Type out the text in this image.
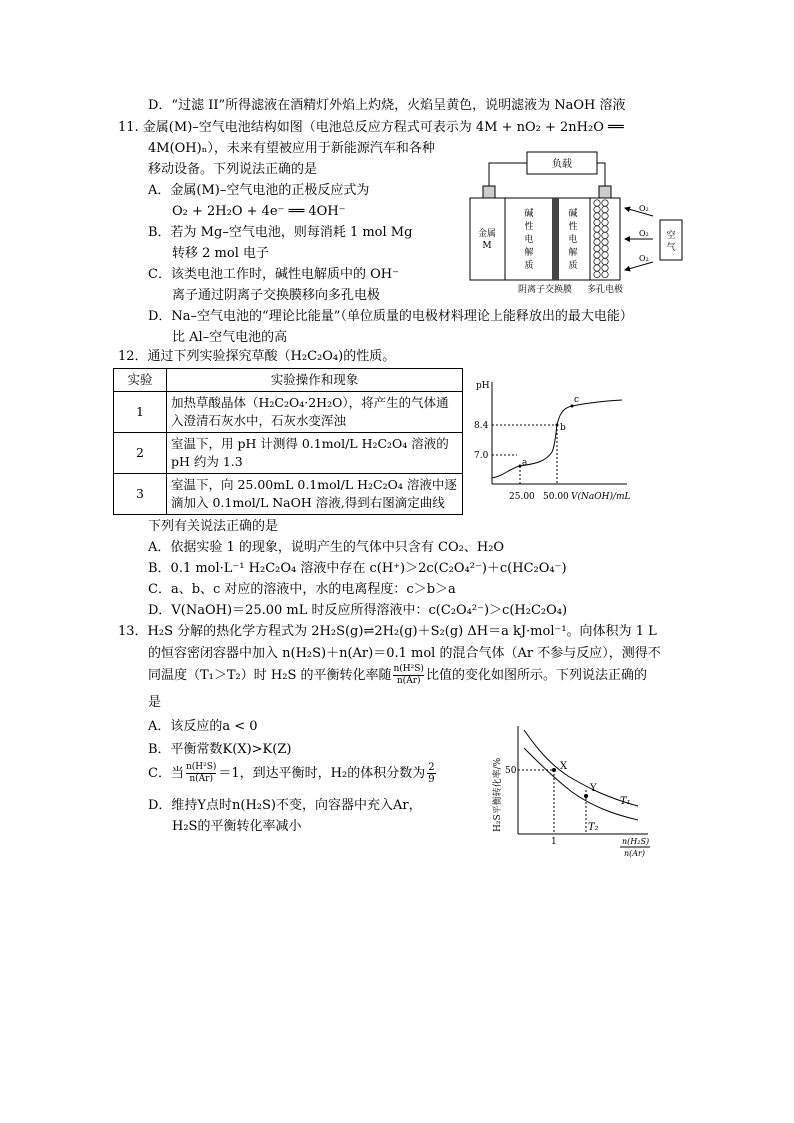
D．“过滤 II”所得滤液在酒精灯外焰上灼烧，火焰呈黄色，说明滤液为 NaOH 溶液
11. 金属(M)–空气电池结构如图（电池总反应方程式可表示为 4M + nO₂ + 2nH₂O ══
4M(OH)ₙ），未来有望被应用于新能源汽车和各种
移动设备。下列说法正确的是
A．金属(M)–空气电池的正极反应式为
O₂ + 2H₂O + 4e⁻ ══ 4OH⁻
B．若为 Mg–空气电池，则每消耗 1 mol Mg
转移 2 mol 电子
C．该类电池工作时，碱性电解质中的 OH⁻
离子通过阴离子交换膜移向多孔电极
D．Na–空气电池的“理论比能量”（单位质量的电极材料理论上能释放出的最大电能）
比 Al–空气电池的高
负载
金属
M
碱
性
电
解
质
碱
性
电
解
质
空
气
O₂
O₂
O₂
阴离子交换膜 多孔电极
12．通过下列实验探究草酸（H₂C₂O₄)的性质。
实验	实验操作和现象
1	加热草酸晶体（H₂C₂O₄·2H₂O），将产生的气体通入澄清石灰水中，石灰水变浑浊
2	室温下，用 pH 计测得 0.1mol/L H₂C₂O₄ 溶液的 pH 约为 1.3
3	室温下，向 25.00mL 0.1mol/L H₂C₂O₄ 溶液中逐滴加入 0.1mol/L NaOH 溶液,得到右图滴定曲线
pH
8.4
7.0
a
b
c
25.00 50.00 V(NaOH)/mL
下列有关说法正确的是
A．依据实验 1 的现象，说明产生的气体中只含有 CO₂、H₂O
B．0.1 mol·L⁻¹ H₂C₂O₄ 溶液中存在 c(H⁺)＞2c(C₂O₄²⁻)＋c(HC₂O₄⁻)
C．a、b、c 对应的溶液中，水的电离程度：c＞b＞a
D．V(NaOH)＝25.00 mL 时反应所得溶液中：c(C₂O₄²⁻)＞c(H₂C₂O₄)
13．H₂S 分解的热化学方程式为 2H₂S(g)⇌2H₂(g)＋S₂(g) ΔH＝a kJ·mol⁻¹。向体积为 1 L
的恒容密闭容器中加入 n(H₂S)＋n(Ar)＝0.1 mol 的混合气体（Ar 不参与反应），测得不
同温度（T₁＞T₂）时 H₂S 的平衡转化率随 n(H²S)
n(Ar) 比值的变化如图所示。下列说法正确的
是
A．该反应的a < 0
B．平衡常数K(X)>K(Z)
C．当 n(H²S)
n(Ar) ＝1，到达平衡时，H₂的体积分数为 2
9
D．维持Y点时n(H₂S)不变，向容器中充入Ar，
H₂S的平衡转化率减小	H₂S平衡转化率/% 50	X
Y
T₁
T₂
1	n(H₂S)
n(Ar)
